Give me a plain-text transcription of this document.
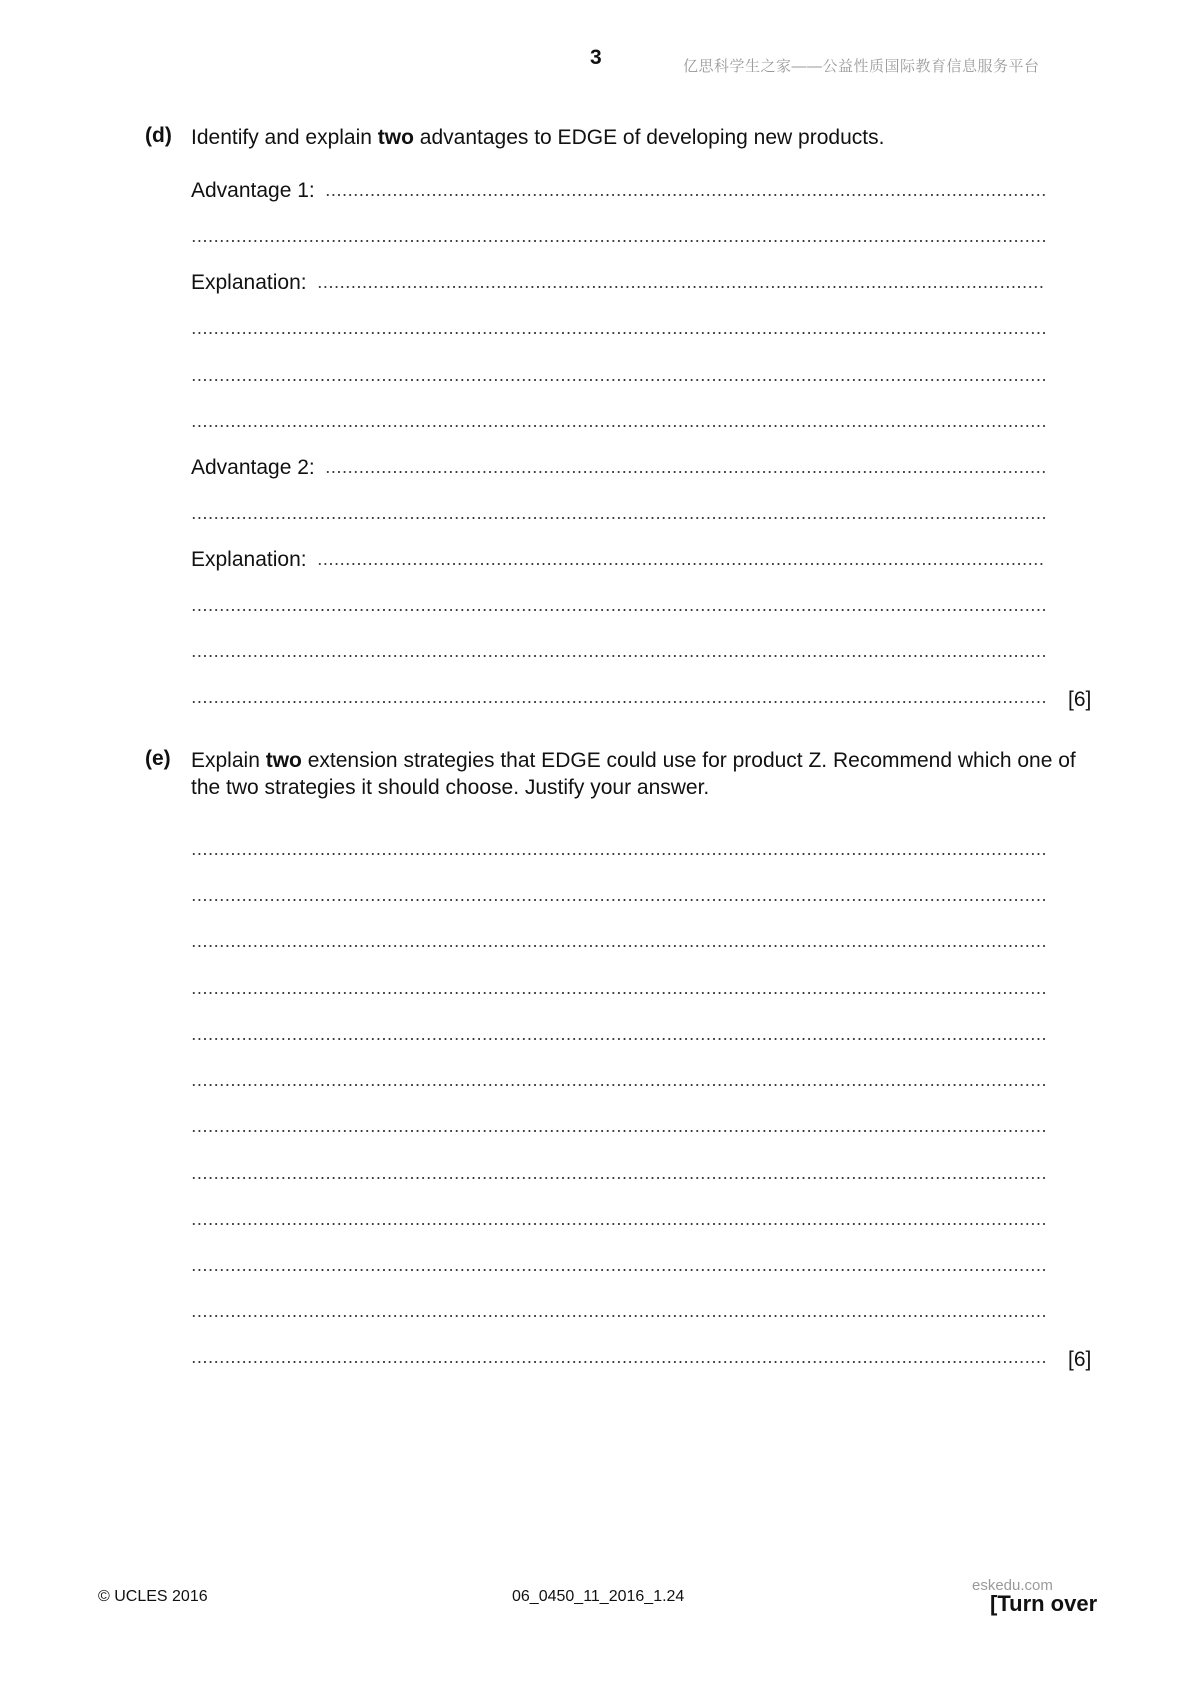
3	亿思科学生之家——公益性质国际教育信息服务平台
(d) Identify and explain two advantages to EDGE of developing new products.
Advantage 1:
Explanation:
Advantage 2:
Explanation:
[6]
(e) Explain two extension strategies that EDGE could use for product Z. Recommend which one of the two strategies it should choose. Justify your answer.
[6]
© UCLES 2016	06_0450_11_2016_1.24
eskedu.com
[Turn over
